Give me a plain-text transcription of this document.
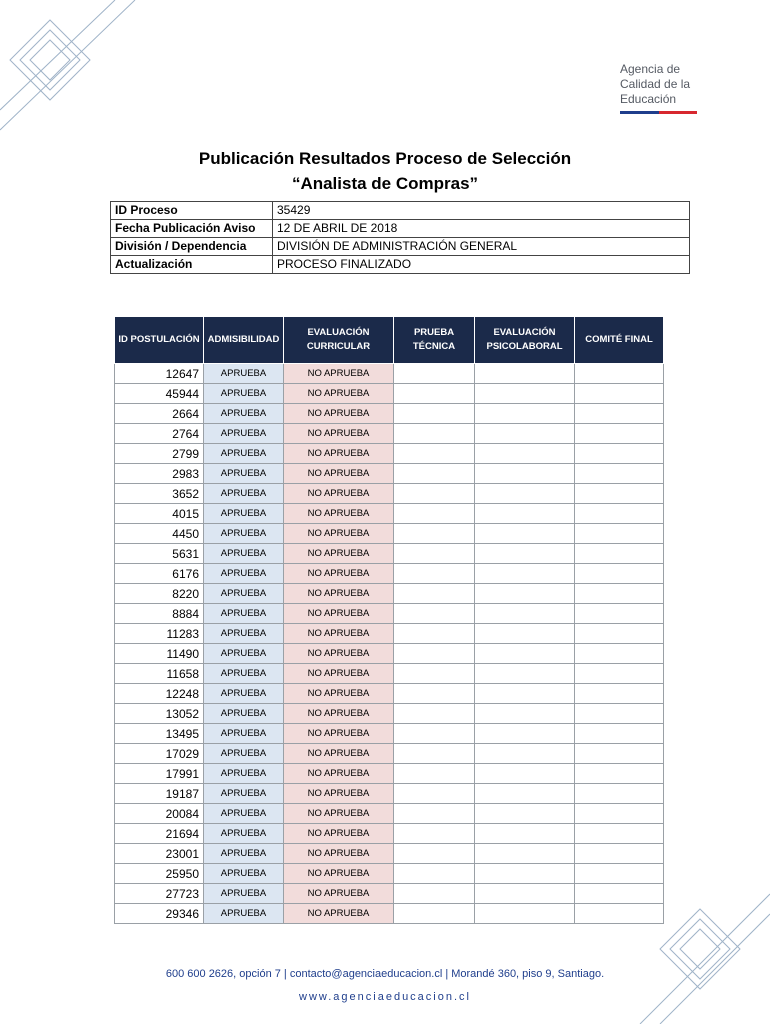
Agencia de
Calidad de la
Educación
Publicación Resultados Proceso de Selección
“Analista de Compras”
ID Proceso	35429
Fecha Publicación Aviso	12 DE ABRIL DE 2018
División / Dependencia	DIVISIÓN DE ADMINISTRACIÓN GENERAL
Actualización	PROCESO FINALIZADO
ID POSTULACIÓN	ADMISIBILIDAD	EVALUACIÓN CURRICULAR	PRUEBA TÉCNICA	EVALUACIÓN PSICOLABORAL	COMITÉ FINAL
12647	APRUEBA	NO APRUEBA			
45944	APRUEBA	NO APRUEBA			
2664	APRUEBA	NO APRUEBA			
2764	APRUEBA	NO APRUEBA			
2799	APRUEBA	NO APRUEBA			
2983	APRUEBA	NO APRUEBA			
3652	APRUEBA	NO APRUEBA			
4015	APRUEBA	NO APRUEBA			
4450	APRUEBA	NO APRUEBA			
5631	APRUEBA	NO APRUEBA			
6176	APRUEBA	NO APRUEBA			
8220	APRUEBA	NO APRUEBA			
8884	APRUEBA	NO APRUEBA			
11283	APRUEBA	NO APRUEBA			
11490	APRUEBA	NO APRUEBA			
11658	APRUEBA	NO APRUEBA			
12248	APRUEBA	NO APRUEBA			
13052	APRUEBA	NO APRUEBA			
13495	APRUEBA	NO APRUEBA			
17029	APRUEBA	NO APRUEBA			
17991	APRUEBA	NO APRUEBA			
19187	APRUEBA	NO APRUEBA			
20084	APRUEBA	NO APRUEBA			
21694	APRUEBA	NO APRUEBA			
23001	APRUEBA	NO APRUEBA			
25950	APRUEBA	NO APRUEBA			
27723	APRUEBA	NO APRUEBA			
29346	APRUEBA	NO APRUEBA			
600 600 2626, opción 7 | contacto@agenciaeducacion.cl | Morandé 360, piso 9, Santiago.
www.agenciaeducacion.cl
